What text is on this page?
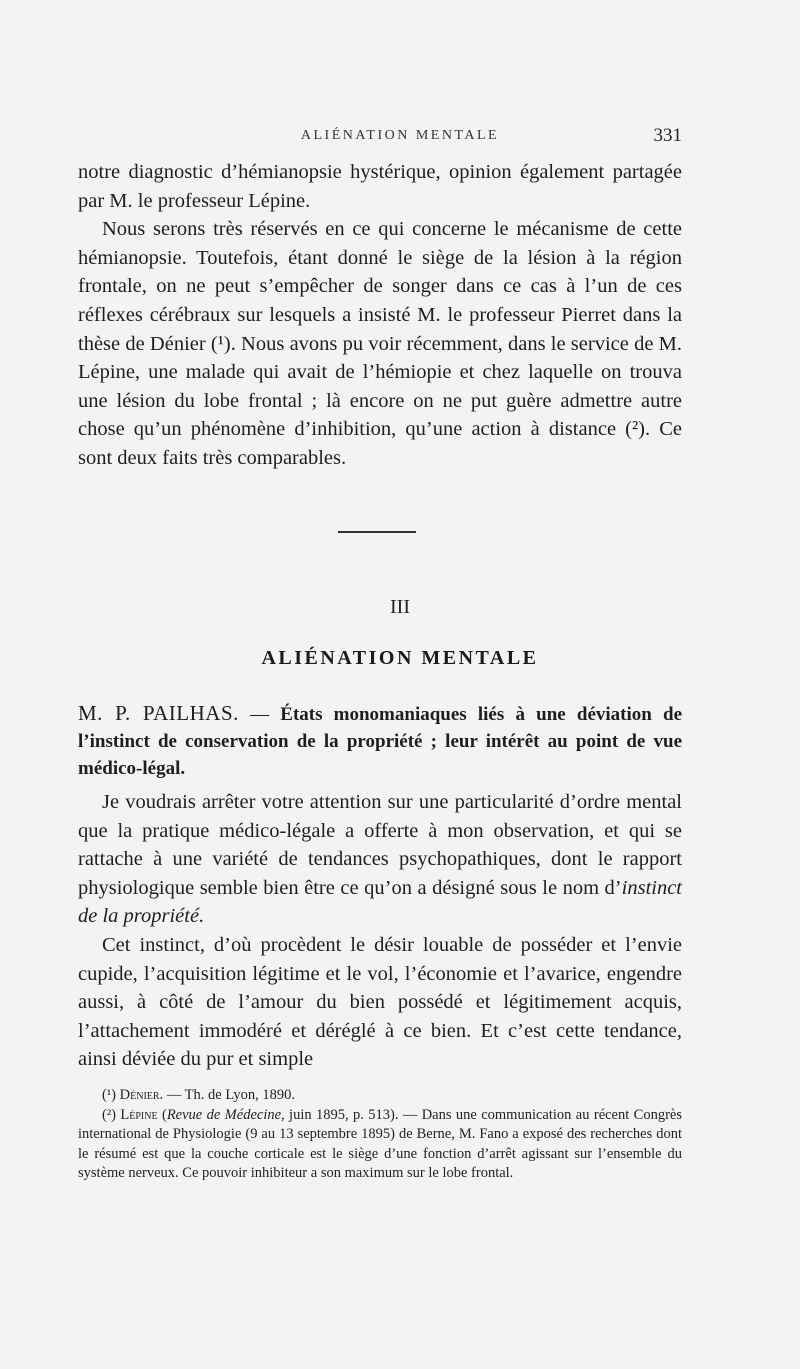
ALIÉNATION MENTALE	331

notre diagnostic d’hémianopsie hystérique, opinion également partagée par M. le professeur Lépine.

Nous serons très réservés en ce qui concerne le mécanisme de cette hémianopsie. Toutefois, étant donné le siège de la lésion à la région frontale, on ne peut s’empêcher de songer dans ce cas à l’un de ces réflexes cérébraux sur lesquels a insisté M. le professeur Pierret dans la thèse de Dénier (¹). Nous avons pu voir récemment, dans le service de M. Lépine, une malade qui avait de l’hémiopie et chez laquelle on trouva une lésion du lobe frontal ; là encore on ne put guère admettre autre chose qu’un phénomène d’inhibition, qu’une action à distance (²). Ce sont deux faits très comparables.

III
ALIÉNATION MENTALE
M. P. PAILHAS. — États monomaniaques liés à une déviation de l’instinct de conservation de la propriété ; leur intérêt au point de vue médico-légal.

Je voudrais arrêter votre attention sur une particularité d’ordre mental que la pratique médico-légale a offerte à mon observation, et qui se rattache à une variété de tendances psychopathiques, dont le rapport physiologique semble bien être ce qu’on a désigné sous le nom d’instinct de la propriété.

Cet instinct, d’où procèdent le désir louable de posséder et l’envie cupide, l’acquisition légitime et le vol, l’économie et l’avarice, engendre aussi, à côté de l’amour du bien possédé et légitimement acquis, l’attachement immodéré et déréglé à ce bien. Et c’est cette tendance, ainsi déviée du pur et simple

(¹) Dénier. — Th. de Lyon, 1890.

(²) Lépine (Revue de Médecine, juin 1895, p. 513). — Dans une communication au récent Congrès international de Physiologie (9 au 13 septembre 1895) de Berne, M. Fano a exposé des recherches dont le résumé est que la couche corticale est le siège d’une fonction d’arrêt agissant sur l’ensemble du système nerveux. Ce pouvoir inhibiteur a son maximum sur le lobe frontal.
